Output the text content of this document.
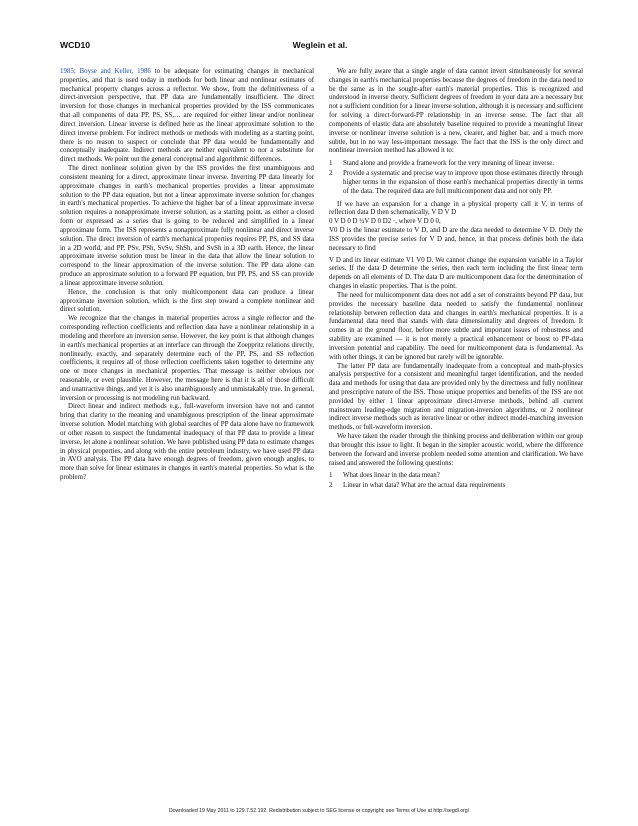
WCD10	Weglein et al.

1985; Boyse and Keller, 1986 to be adequate for estimating changes in mechanical properties, and that is used today in methods for both linear and nonlinear estimates of mechanical property changes across a reflector. We show, from the definitiveness of a direct-inversion perspective, that PP data are fundamentally insufficient. The direct inversion for those changes in mechanical properties provided by the ISS communicates that all components of data PP, PS, SS,… are required for either linear and/or nonlinear direct inversion. Linear inverse is defined here as the linear approximate solution to the direct inverse problem. For indirect methods or methods with modeling as a starting point, there is no reason to suspect or conclude that PP data would be fundamentally and conceptually inadequate. Indirect methods are neither equivalent to nor a substitute for direct methods. We point out the general conceptual and algorithmic differences.

The direct nonlinear solution given by the ISS provides the first unambiguous and consistent meaning for a direct, approximate linear inverse. Inverting PP data linearly for approximate changes in earth's mechanical properties provides a linear approximate solution to the PP data equation, but not a linear approximate inverse solution for changes in earth's mechanical properties. To achieve the higher bar of a linear approximate inverse solution requires a nonapproximate inverse solution, as a starting point, as either a closed form or expressed as a series that is going to be reduced and simplified in a linear approximate form. The ISS represents a nonapproximate fully nonlinear and direct inverse solution. The direct inversion of earth's mechanical properties requires PP, PS, and SS data in a 2D world, and PP, PSv, PSh, SvSv, ShSh, and SvSh in a 3D earth. Hence, the linear approximate inverse solution must be linear in the data that allow the linear solution to correspond to the linear approximation of the inverse solution. The PP data alone can produce an approximate solution to a forward PP equation, but PP, PS, and SS can provide a linear approximate inverse solution.

Hence, the conclusion is that only multicomponent data can produce a linear approximate inversion solution, which is the first step toward a complete nonlinear and direct solution.

We recognize that the changes in material properties across a single reflector and the corresponding reflection coefficients and reflection data have a nonlinear relationship in a modeling and therefore an inversion sense. However, the key point is that although changes in earth's mechanical properties at an interface can through the Zoeppritz relations directly, nonlinearly, exactly, and separately determine each of the PP, PS, and SS reflection coefficients, it requires all of those reflection coefficients taken together to determine any one or more changes in mechanical properties. That message is neither obvious nor reasonable, or even plausible. However, the message here is that it is all of those difficult and unattractive things, and yet it is also unambiguously and unmistakably true. In general, inversion or processing is not modeling run backward.

Direct linear and indirect methods e.g., full-waveform inversion have not and cannot bring that clarity to the meaning and unambiguous prescription of the linear approximate inverse solution. Model matching with global searches of PP data alone have no framework or other reason to suspect the fundamental inadequacy of that PP data to provide a linear inverse, let alone a nonlinear solution. We have published using PP data to estimate changes in physical properties, and along with the entire petroleum industry, we have used PP data in AVO analysis. The PP data have enough degrees of freedom, given enough angles, to more than solve for linear estimates in changes in earth's material properties. So what is the problem?

We are fully aware that a single angle of data cannot invert simultaneously for several changes in earth's mechanical properties because the degrees of freedom in the data need to be the same as in the sought-after earth's material properties. This is recognized and understood in inverse theory. Sufficient degrees of freedom in your data are a necessary but not a sufficient condition for a linear inverse solution, although it is necessary and sufficient for solving a direct-forward-PP relationship in an inverse sense. The fact that all components of elastic data are absolutely baseline required to provide a meaningful linear inverse or nonlinear inverse solution is a new, clearer, and higher bar, and a much more subtle, but in no way less-important message. The fact that the ISS is the only direct and nonlinear inversion method has allowed it to:

1 Stand alone and provide a framework for the very meaning of linear inverse.
2 Provide a systematic and precise way to improve upon those estimates directly through higher terms in the expansion of those earth's mechanical properties directly in terms of the data. The required data are full multicomponent data and not only PP.

If we have an expansion for a change in a physical property call it V, in terms of reflection data D then schematically, V D V D

0 V D 0 D ½V D 0 D2 ·, where V D 0 0,

V0 D is the linear estimate to V D, and D are the data needed to determine V D. Only the ISS provides the precise series for V D and, hence, in that process defines both the data necessary to find

V D and its linear estimate V1 V0 D. We cannot change the expansion variable in a Taylor series. If the data D determine the series, then each term including the first linear term depends on all elements of D. The data D are multicomponent data for the determination of changes in elastic properties. That is the point.

The need for multicomponent data does not add a set of constraints beyond PP data, but provides the necessary baseline data needed to satisfy the fundamental nonlinear relationship between reflection data and changes in earth's mechanical properties. It is a fundamental data need that stands with data dimensionality and degrees of freedom. It comes in at the ground floor, before more subtle and important issues of robustness and stability are examined — it is not merely a practical enhancement or boost to PP-data inversion potential and capability. The need for multicomponent data is fundamental. As with other things, it can be ignored but rarely will be ignorable.

The latter PP data are fundamentally inadequate from a conceptual and math-physics analysis perspective for a consistent and meaningful target identification, and the needed data and methods for using that data are provided only by the directness and fully nonlinear and prescriptive nature of the ISS. Those unique properties and benefits of the ISS are not provided by either 1 linear approximate direct-inverse methods, behind all current mainstream leading-edge migration and migration-inversion algorithms, or 2 nonlinear indirect inverse methods such as iterative linear or other indirect model-matching inversion methods, or full-waveform inversion.

We have taken the reader through the thinking process and deliberation within our group that brought this issue to light. It began in the simpler acoustic world, where the difference between the forward and inverse problem needed some attention and clarification. We have raised and answered the following questions:

1 What does linear in the data mean?
2 Linear in what data? What are the actual data requirements
Downloaded 19 May 2011 to 129.7.52.192. Redistribution subject to SEG license or copyright; see Terms of Use at http://segdl.org/
